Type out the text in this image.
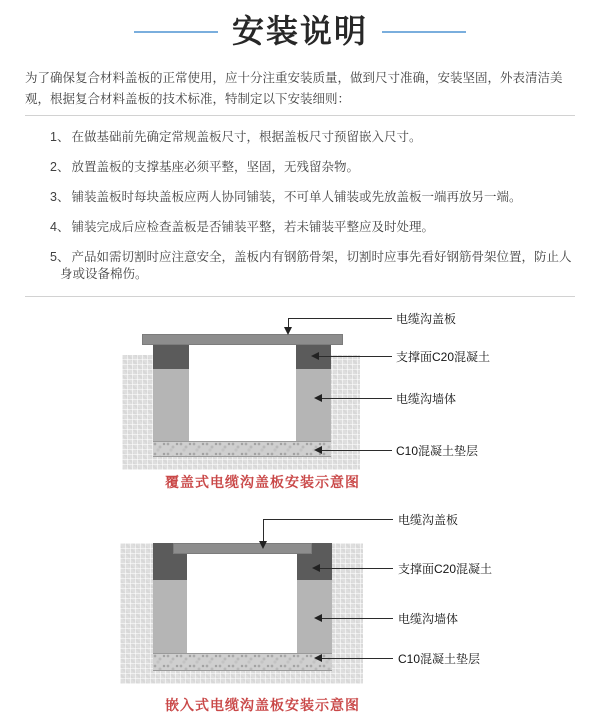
安装说明

为了确保复合材料盖板的正常使用，应十分注重安装质量，做到尺寸准确，安装坚固，外表清洁美观，根据复合材料盖板的技术标准，特制定以下安装细则：

1、 在做基础前先确定常规盖板尺寸，根据盖板尺寸预留嵌入尺寸。

2、 放置盖板的支撑基座必须平整，坚固，无残留杂物。

3、 铺装盖板时每块盖板应两人协同铺装，不可单人铺装或先放盖板一端再放另一端。

4、 铺装完成后应检查盖板是否铺装平整，若未铺装平整应及时处理。

5、 产品如需切割时应注意安全，盖板内有钢筋骨架，切割时应事先看好钢筋骨架位置，防止人身或设备棉伤。

电缆沟盖板
支撑面C20混凝土
电缆沟墙体
C10混凝土垫层
覆盖式电缆沟盖板安装示意图
电缆沟盖板
支撑面C20混凝土
电缆沟墙体
C10混凝土垫层
嵌入式电缆沟盖板安装示意图
